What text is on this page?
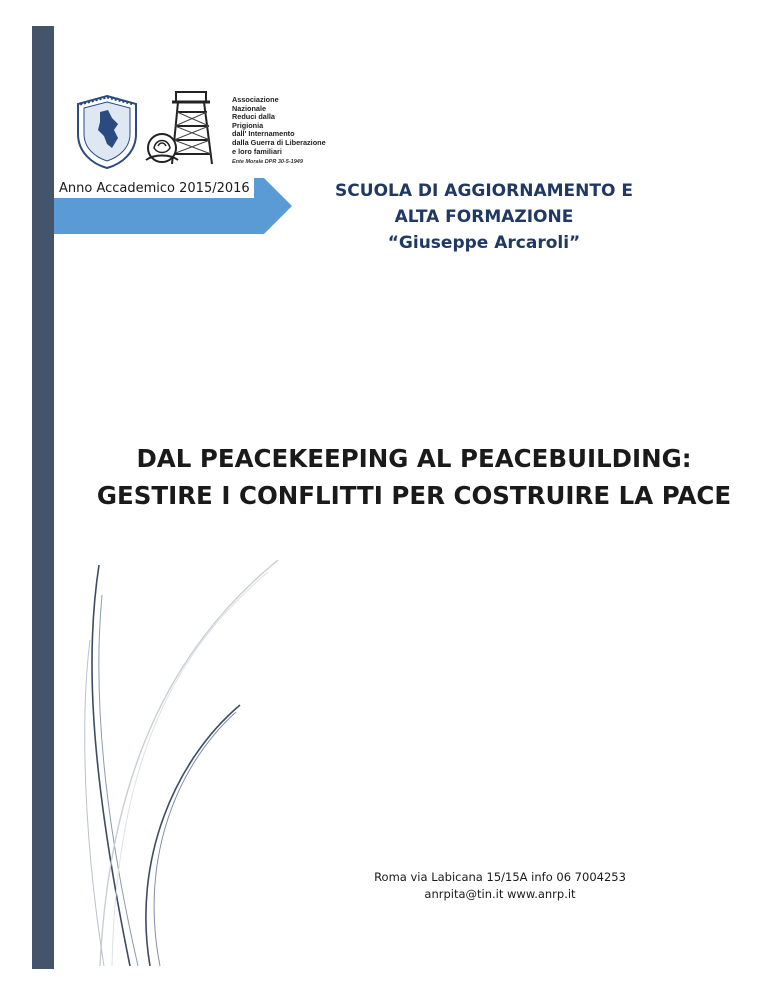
Associazione
Nazionale
Reduci dalla
Prigionia
dall' Internamento
dalla Guerra di Liberazione
e loro familiari
Ente Morale DPR 30-5-1949
Anno Accademico 2015/2016	SCUOLA DI AGGIORNAMENTO E
ALTA FORMAZIONE
“Giuseppe Arcaroli”
DAL PEACEKEEPING AL PEACEBUILDING:
GESTIRE I CONFLITTI PER COSTRUIRE LA PACE
Roma via Labicana 15/15A info 06 7004253
anrpita@tin.it www.anrp.it
